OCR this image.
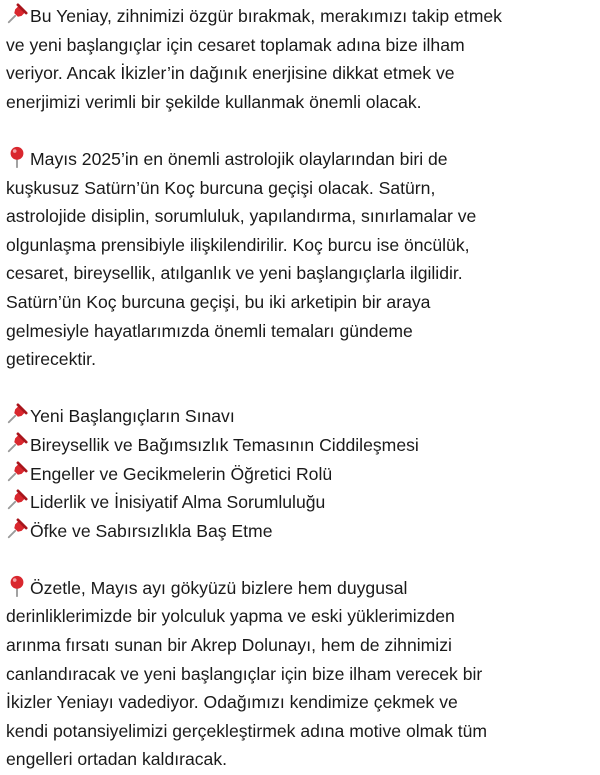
Bu Yeniay, zihnimizi özgür bırakmak, merakımızı takip etmek
ve yeni başlangıçlar için cesaret toplamak adına bize ilham
veriyor. Ancak İkizler’in dağınık enerjisine dikkat etmek ve
enerjimizi verimli bir şekilde kullanmak önemli olacak.

Mayıs 2025’in en önemli astrolojik olaylarından biri de
kuşkusuz Satürn’ün Koç burcuna geçişi olacak. Satürn,
astrolojide disiplin, sorumluluk, yapılandırma, sınırlamalar ve
olgunlaşma prensibiyle ilişkilendirilir. Koç burcu ise öncülük,
cesaret, bireysellik, atılganlık ve yeni başlangıçlarla ilgilidir.
Satürn’ün Koç burcuna geçişi, bu iki arketipin bir araya
gelmesiyle hayatlarımızda önemli temaları gündeme
getirecektir.

Yeni Başlangıçların Sınavı
Bireysellik ve Bağımsızlık Temasının Ciddileşmesi
Engeller ve Gecikmelerin Öğretici Rolü
Liderlik ve İnisiyatif Alma Sorumluluğu
Öfke ve Sabırsızlıkla Baş Etme

Özetle, Mayıs ayı gökyüzü bizlere hem duygusal
derinliklerimizde bir yolculuk yapma ve eski yüklerimizden
arınma fırsatı sunan bir Akrep Dolunayı, hem de zihnimizi
canlandıracak ve yeni başlangıçlar için bize ilham verecek bir
İkizler Yeniayı vadediyor. Odağımızı kendimize çekmek ve
kendi potansiyelimizi gerçekleştirmek adına motive olmak tüm
engelleri ortadan kaldıracak.
